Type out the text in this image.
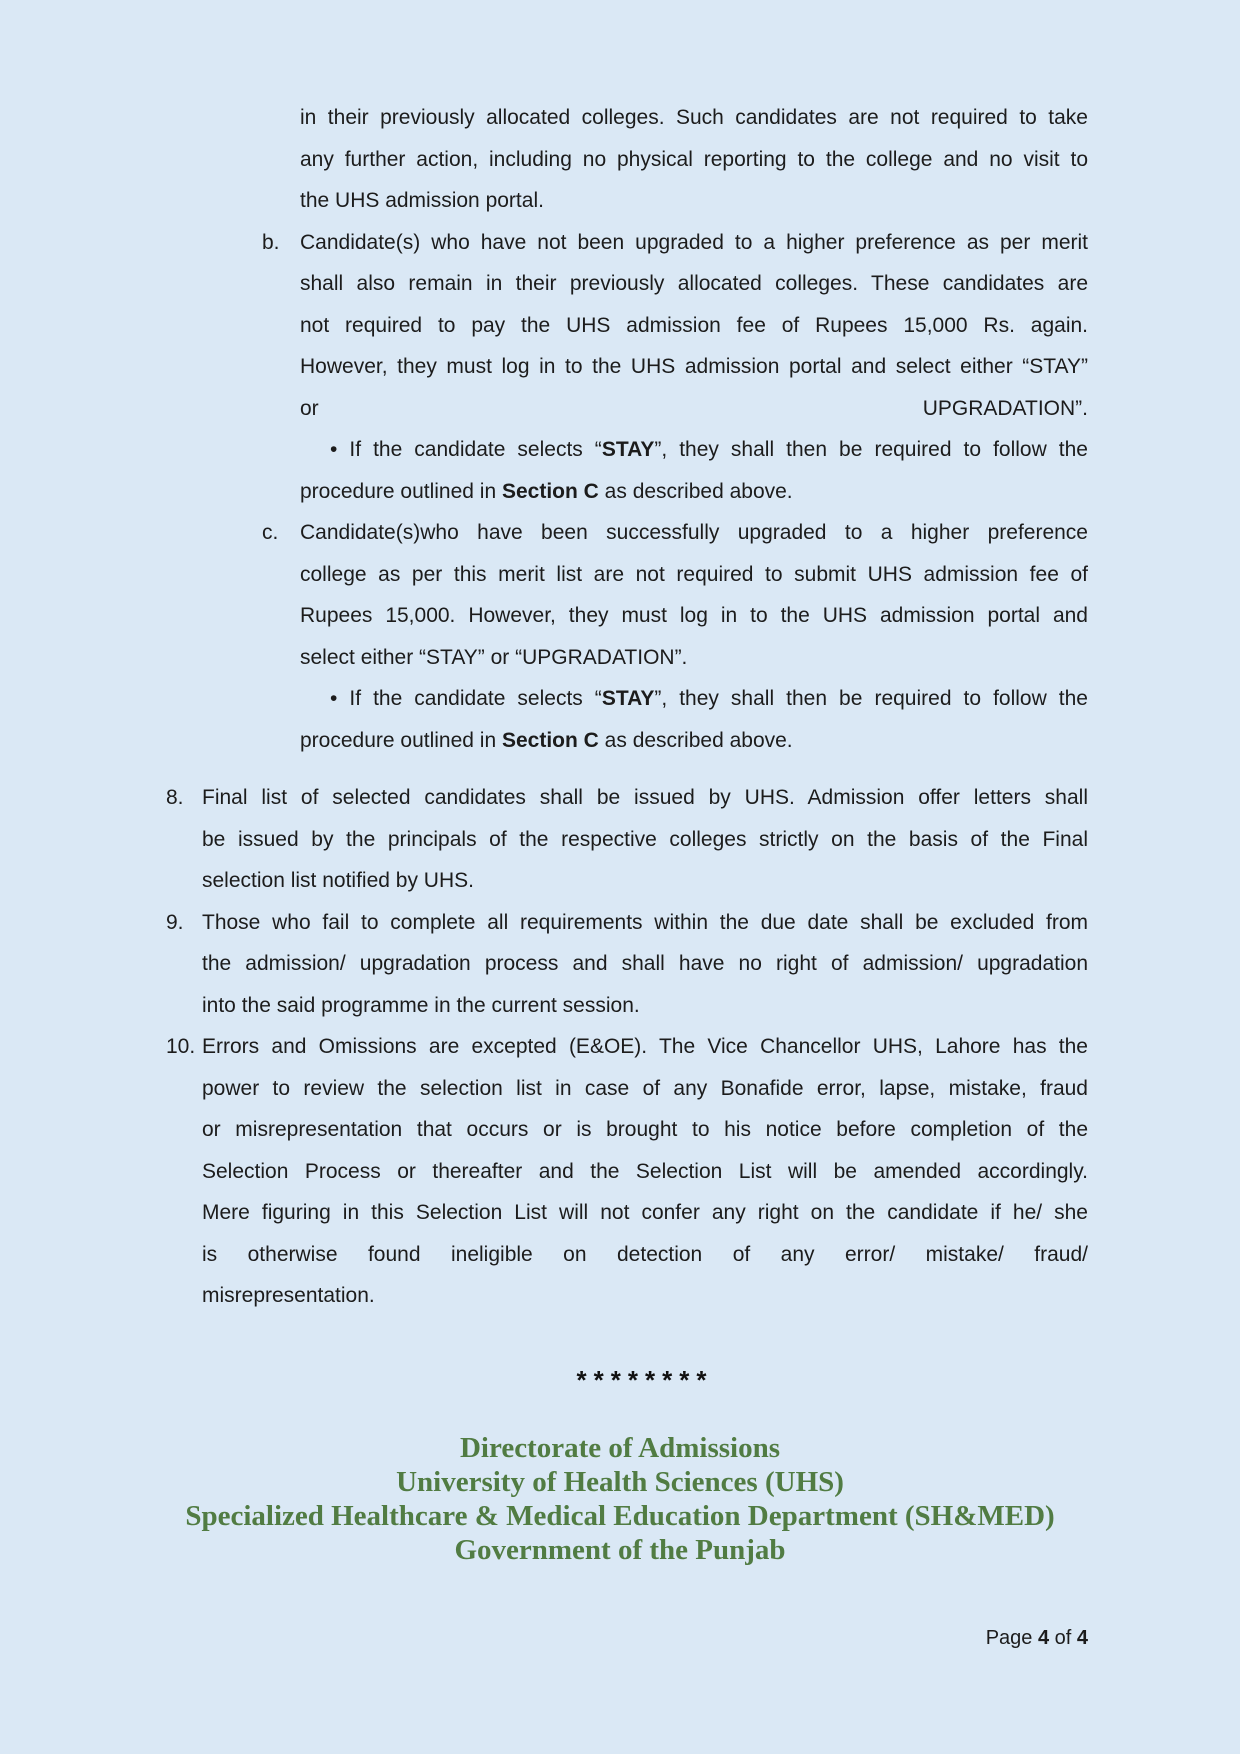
in their previously allocated colleges. Such candidates are not required to take
any further action, including no physical reporting to the college and no visit to
the UHS admission portal.
b. Candidate(s) who have not been upgraded to a higher preference as per merit
shall also remain in their previously allocated colleges. These candidates are
not required to pay the UHS admission fee of Rupees 15,000 Rs. again.
However, they must log in to the UHS admission portal and select either “STAY”
or UPGRADATION”.
• If the candidate selects “STAY”, they shall then be required to follow the
procedure outlined in Section C as described above.
c.	Candidate(s)who have been successfully upgraded to a higher preference
college as per this merit list are not required to submit UHS admission fee of
Rupees 15,000. However, they must log in to the UHS admission portal and
select either “STAY” or “UPGRADATION”.
• If the candidate selects “STAY”, they shall then be required to follow the
procedure outlined in Section C as described above.
8. Final list of selected candidates shall be issued by UHS. Admission offer letters shall
be issued by the principals of the respective colleges strictly on the basis of the Final
selection list notified by UHS.
9. Those who fail to complete all requirements within the due date shall be excluded from
the admission/ upgradation process and shall have no right of admission/ upgradation
into the said programme in the current session.
10. Errors and Omissions are excepted (E&OE). The Vice Chancellor UHS, Lahore has the
power to review the selection list in case of any Bonafide error, lapse, mistake, fraud
or misrepresentation that occurs or is brought to his notice before completion of the
Selection Process or thereafter and the Selection List will be amended accordingly.
Mere figuring in this Selection List will not confer any right on the candidate if he/ she
is otherwise found ineligible on detection of any error/ mistake/ fraud/
misrepresentation.
********
Directorate of Admissions
University of Health Sciences (UHS)
Specialized Healthcare & Medical Education Department (SH&MED)
Government of the Punjab
Page 4 of 4
